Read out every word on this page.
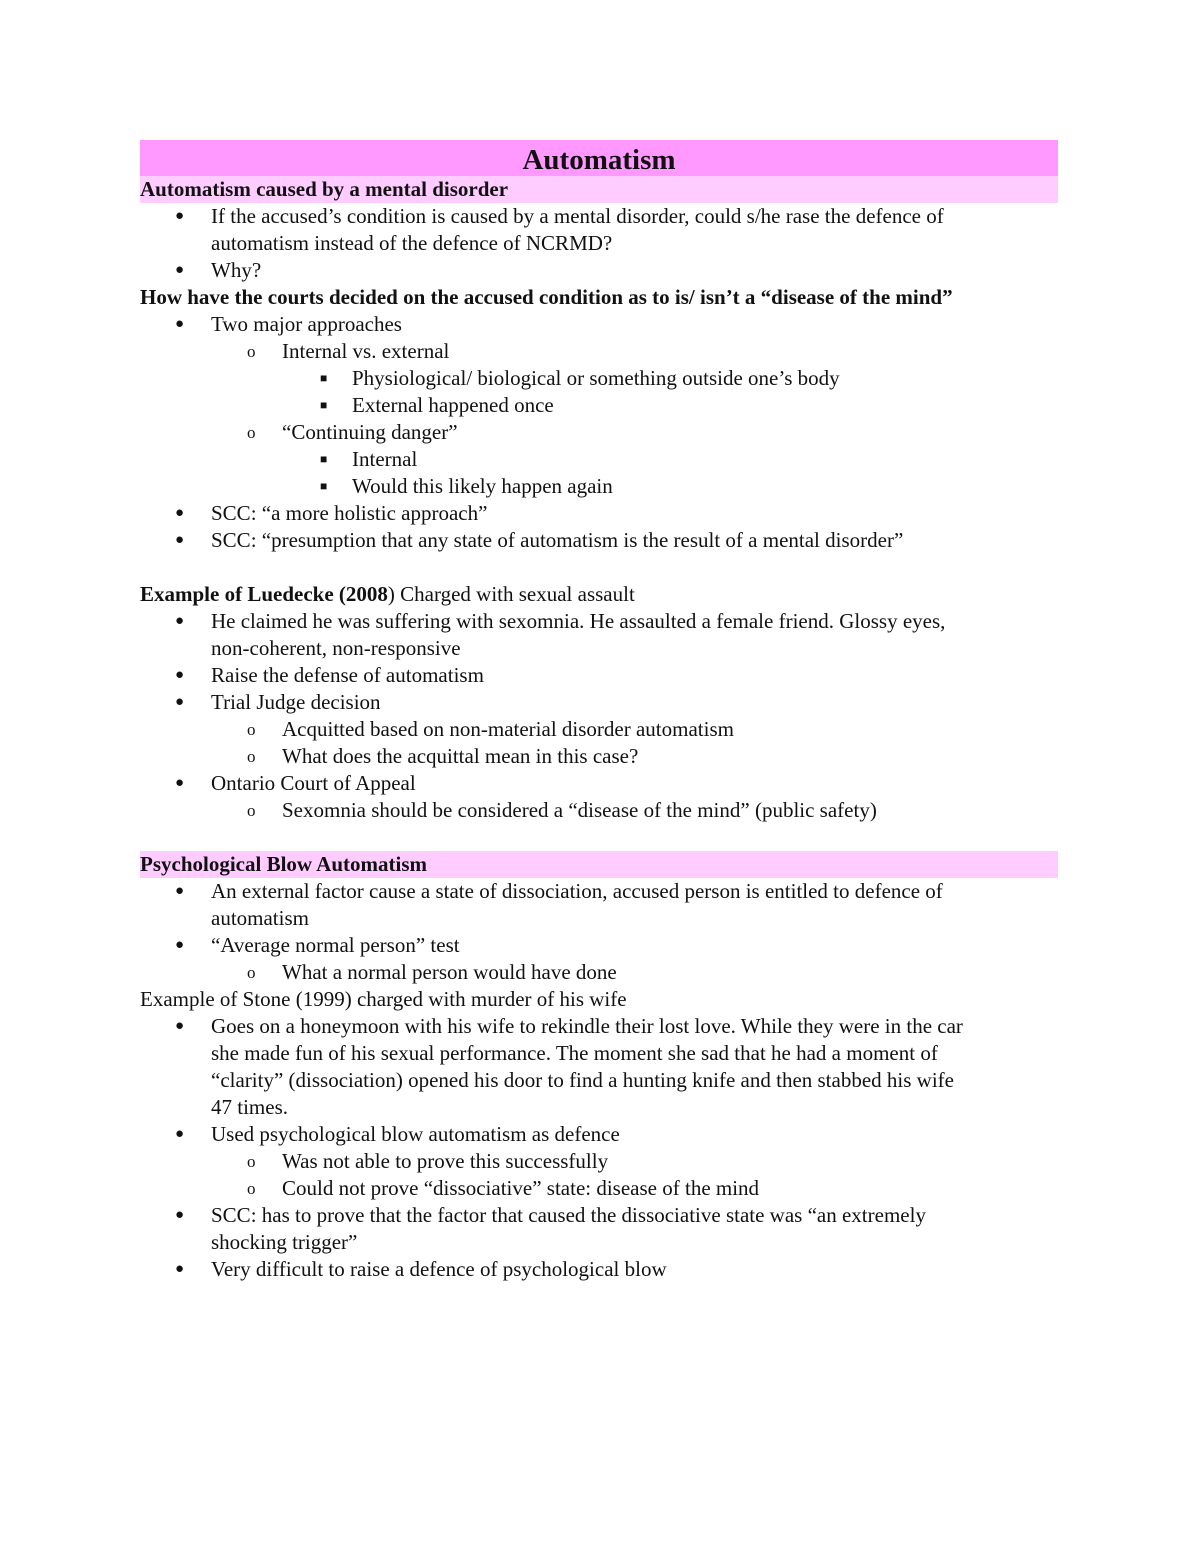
Automatism
Automatism caused by a mental disorder
● If the accused’s condition is caused by a mental disorder, could s/he rase the defence of
automatism instead of the defence of NCRMD?
● Why?
How have the courts decided on the accused condition as to is/ isn’t a “disease of the mind”
● Two major approaches
o Internal vs. external
■ Physiological/ biological or something outside one’s body
■ External happened once
o “Continuing danger”
■ Internal
■ Would this likely happen again
● SCC: “a more holistic approach”
● SCC: “presumption that any state of automatism is the result of a mental disorder”
Example of Luedecke (2008) Charged with sexual assault
● He claimed he was suffering with sexomnia. He assaulted a female friend. Glossy eyes,
non-coherent, non-responsive
● Raise the defense of automatism
● Trial Judge decision
o Acquitted based on non-material disorder automatism
o What does the acquittal mean in this case?
● Ontario Court of Appeal
o Sexomnia should be considered a “disease of the mind” (public safety)
Psychological Blow Automatism
● An external factor cause a state of dissociation, accused person is entitled to defence of
automatism
● “Average normal person” test
o What a normal person would have done
Example of Stone (1999) charged with murder of his wife
● Goes on a honeymoon with his wife to rekindle their lost love. While they were in the car
she made fun of his sexual performance. The moment she sad that he had a moment of
“clarity” (dissociation) opened his door to find a hunting knife and then stabbed his wife
47 times.
● Used psychological blow automatism as defence
o Was not able to prove this successfully
o Could not prove “dissociative” state: disease of the mind
● SCC: has to prove that the factor that caused the dissociative state was “an extremely
shocking trigger”
● Very difficult to raise a defence of psychological blow
